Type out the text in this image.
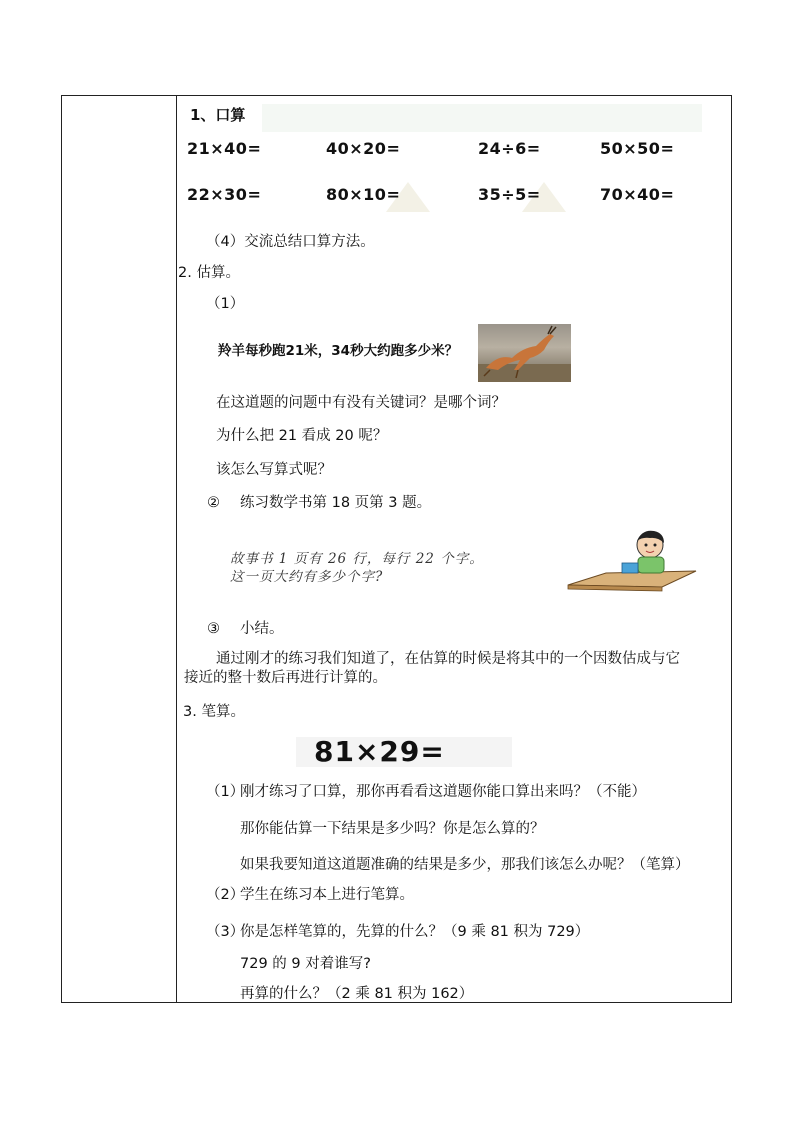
1、口算
21×40=	40×20=	24÷6=	50×50=
22×30=	80×10=	35÷5=	70×40=
（4）交流总结口算方法。
2. 估算。
（1）
羚羊每秒跑21米，34秒大约跑多少米？
在这道题的问题中有没有关键词？是哪个词？
为什么把 21 看成 20 呢？
该怎么写算式呢？
② 练习数学书第 18 页第 3 题。
故事书 1 页有 26 行，每行 22 个字。
这一页大约有多少个字?
③ 小结。
通过刚才的练习我们知道了，在估算的时候是将其中的一个因数估成与它
接近的整十数后再进行计算的。
3. 笔算。
81×29=
（1）
刚才练习了口算，那你再看看这道题你能口算出来吗？（不能）
那你能估算一下结果是多少吗？你是怎么算的？
如果我要知道这道题准确的结果是多少，那我们该怎么办呢？（笔算）
（2）
学生在练习本上进行笔算。
（3）
你是怎样笔算的，先算的什么？（9 乘 81 积为 729）
729 的 9 对着谁写?
再算的什么？（2 乘 81 积为 162）
